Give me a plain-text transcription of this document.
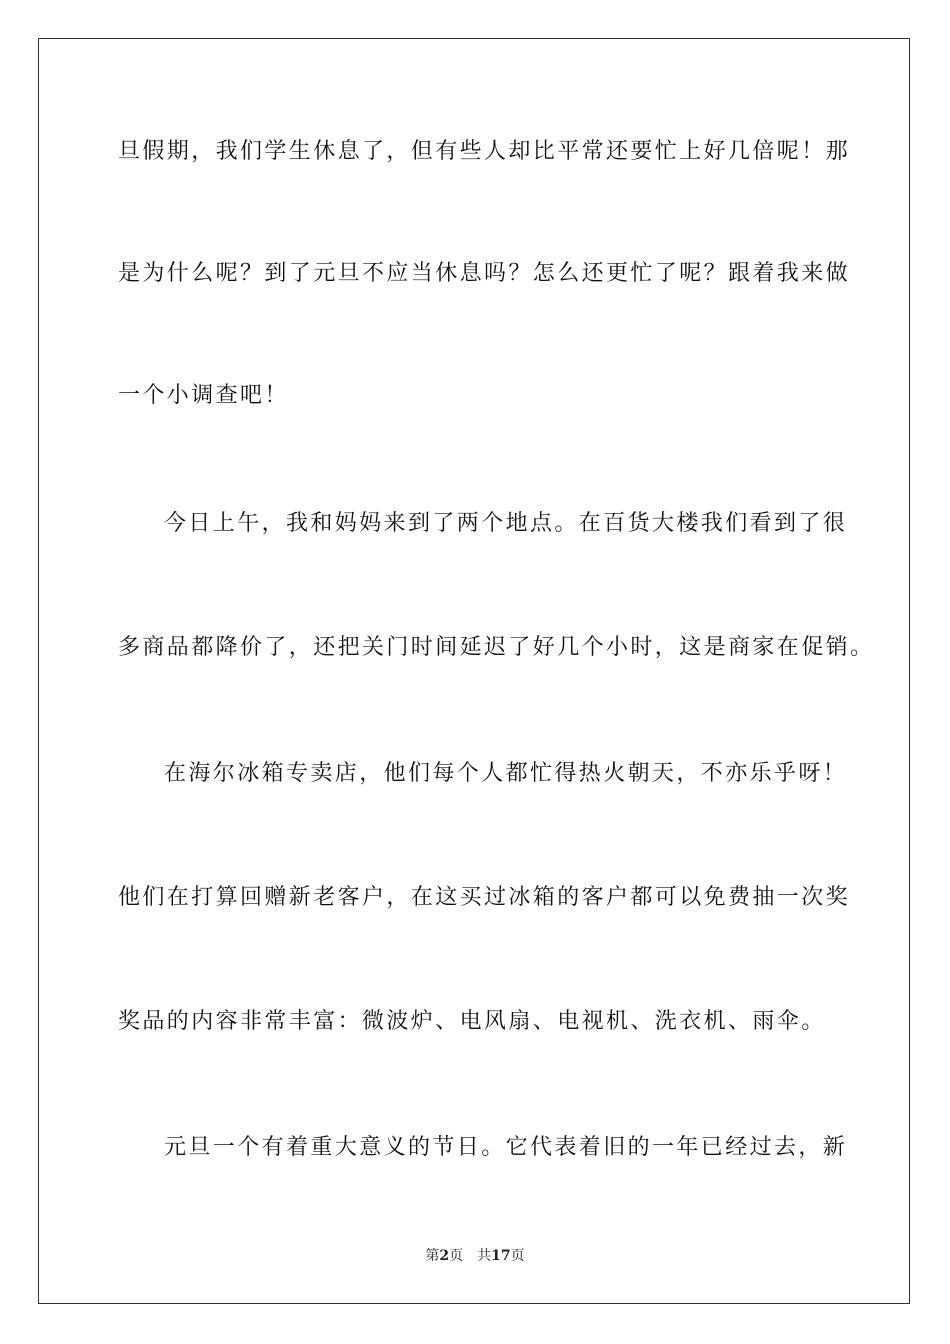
旦假期，我们学生休息了，但有些人却比平常还要忙上好几倍呢！那
是为什么呢？到了元旦不应当休息吗？怎么还更忙了呢？跟着我来做
一个小调查吧！
今日上午，我和妈妈来到了两个地点。在百货大楼我们看到了很
多商品都降价了，还把关门时间延迟了好几个小时，这是商家在促销。
在海尔冰箱专卖店，他们每个人都忙得热火朝天，不亦乐乎呀！
他们在打算回赠新老客户，在这买过冰箱的客户都可以免费抽一次奖
奖品的内容非常丰富：微波炉、电风扇、电视机、洗衣机、雨伞。
元旦一个有着重大意义的节日。它代表着旧的一年已经过去，新
第2页 共17页
